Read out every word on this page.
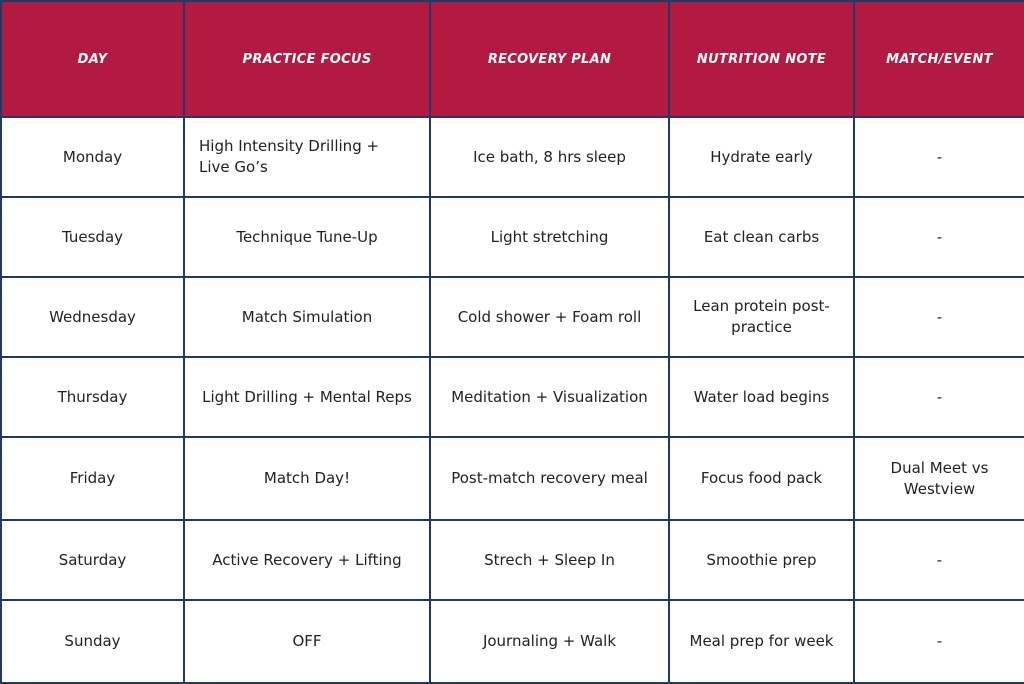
DAY	PRACTICE FOCUS	RECOVERY PLAN	NUTRITION NOTE	MATCH/EVENT
Monday	High Intensity Drilling + Live Go’s	Ice bath, 8 hrs sleep	Hydrate early	-
Tuesday	Technique Tune-Up	Light stretching	Eat clean carbs	-
Wednesday	Match Simulation	Cold shower + Foam roll	Lean protein post-practice	-
Thursday	Light Drilling + Mental Reps	Meditation + Visualization	Water load begins	-
Friday	Match Day!	Post-match recovery meal	Focus food pack	Dual Meet vs Westview
Saturday	Active Recovery + Lifting	Strech + Sleep In	Smoothie prep	-
Sunday	OFF	Journaling + Walk	Meal prep for week	-
